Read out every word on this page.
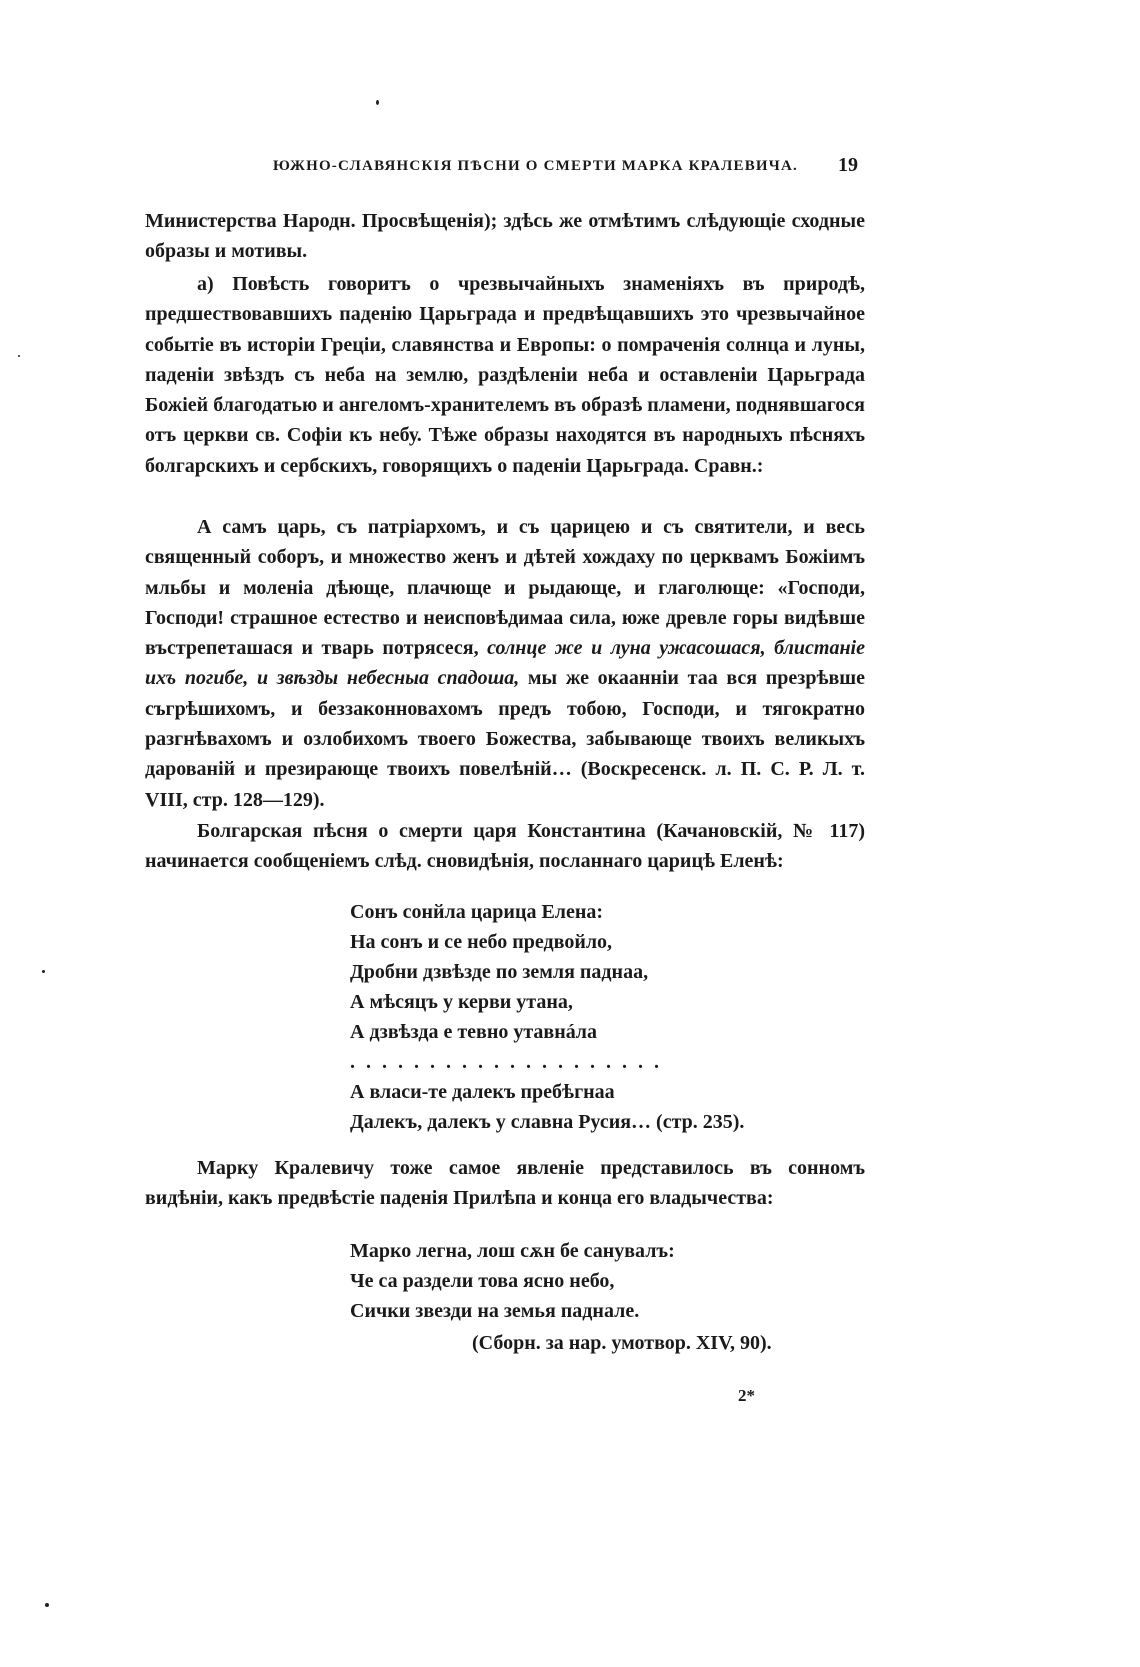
ЮЖНО-СЛАВЯНСКІЯ ПѢСНИ О СМЕРТИ МАРКА КРАЛЕВИЧА. 19

Министерства Народн. Просвѣщенія); здѣсь же отмѣтимъ слѣдующіе сходные образы и мотивы.

а) Повѣсть говоритъ о чрезвычайныхъ знаменіяхъ въ природѣ, предшествовавшихъ паденію Царьграда и предвѣщавшихъ это чрезвычайное событіе въ исторіи Греціи, славянства и Европы: о помраченія солнца и луны, паденіи звѣздъ съ неба на землю, раздѣленіи неба и оставленіи Царьграда Божіей благодатью и ангеломъ-хранителемъ въ образѣ пламени, поднявшагося отъ церкви св. Софіи къ небу. Тѣже образы находятся въ народныхъ пѣсняхъ болгарскихъ и сербскихъ, говорящихъ о паденіи Царьграда. Сравн.:

А самъ царь, съ патріархомъ, и съ царицею и съ святители, и весь священный соборъ, и множество женъ и дѣтей хождаху по церквамъ Божіимъ мльбы и моленіа дѣюще, плачюще и рыдающе, и глаголюще: «Господи, Господи! страшное естество и неисповѣдимаа сила, юже древле горы видѣвше въстрепеташася и тварь потрясеся, солнце же и луна ужасошася, блистаніе ихъ погибе, и звѣзды небесныа спадоша, мы же окааннiи таа вся презрѣвше съгрѣшихомъ, и беззаконноваxомъ предъ тобою, Господи, и тягократно разгнѣвахомъ и озлобихомъ твоего Божества, забывающе твоихъ великыхъ дарованій и презирающе твоихъ повелѣній… (Воскресенск. л. П. С. Р. Л. т. VIII, стр. 128—129).

Болгарская пѣсня о смерти царя Константина (Качановскій, № 117) начинается сообщеніемъ слѣд. сновидѣнія, посланнаго царицѣ Еленѣ:

Сонъ сонйла царица Елена:
На сонъ и се небо предвойло,
Дробни дзвѣзде по земля паднаа,
А мѣсяцъ у керви утана,
А дзвѣзда е тевно утавнáла
. . . . . . . . . . . . . . . . . . . .
А власи-те далекъ пребѣгнаа
Далекъ, далекъ у славна Русия… (стр. 235).

Марку Кралевичу тоже самое явленіе представилось въ сонномъ видѣніи, какъ предвѣстіе паденія Прилѣпа и конца его владычества:

Марко легна, лош сѫн бе санувалъ:
Че са раздели това ясно небо,
Сички звезди на земья паднале.
(Сборн. за нар. умотвор. XIV, 90).
2*
